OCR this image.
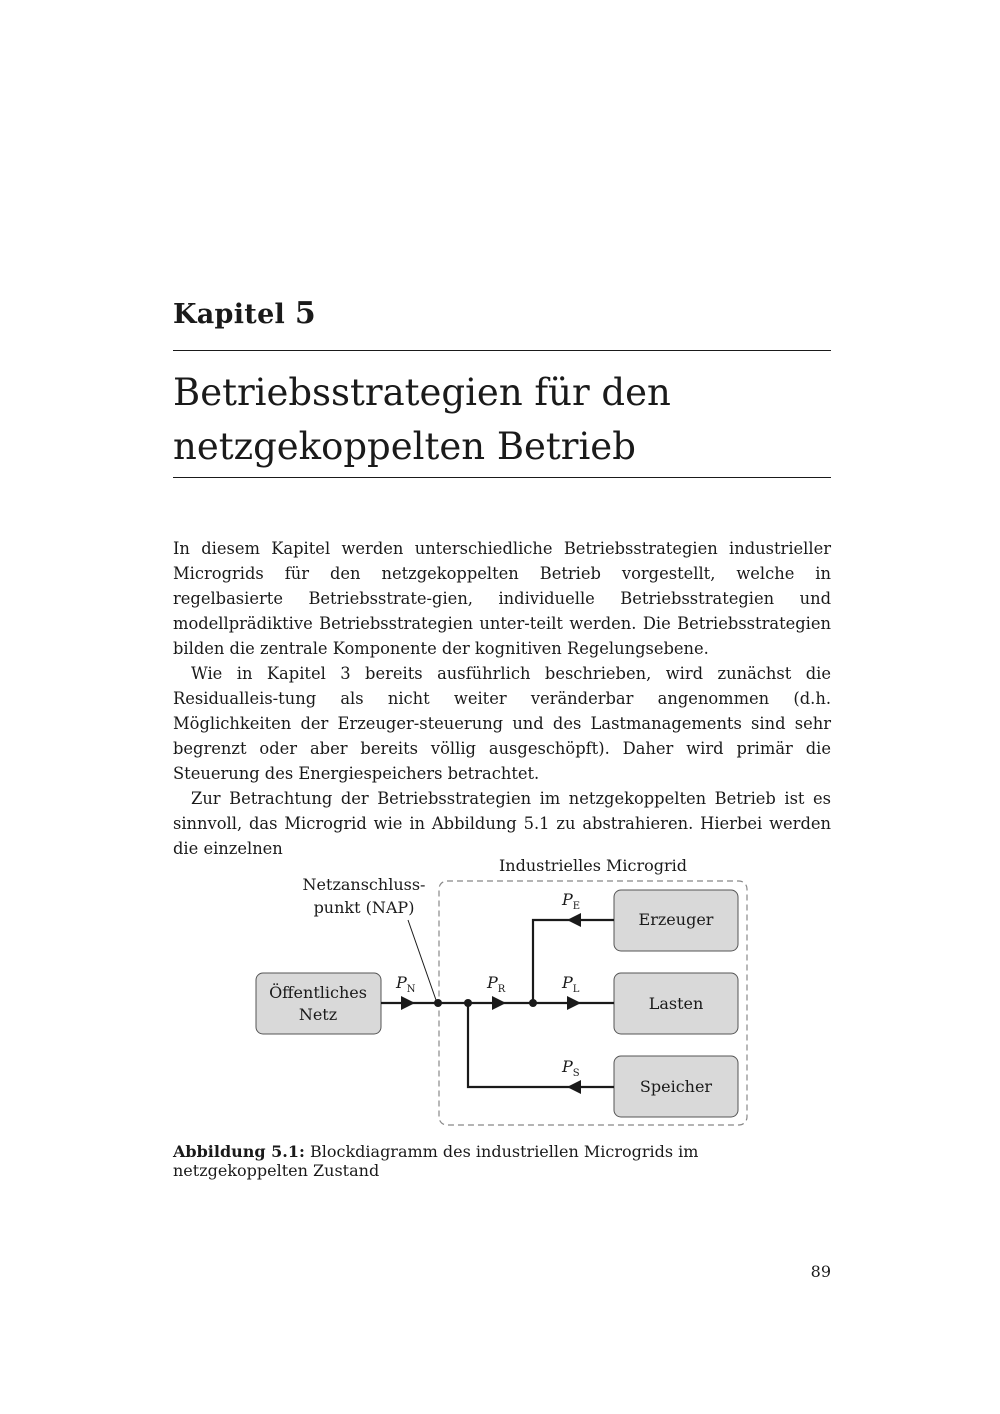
Kapitel 5
Betriebsstrategien für den
netzgekoppelten Betrieb

In diesem Kapitel werden unterschiedliche Betriebsstrategien industrieller Microgrids für den netzgekoppelten Betrieb vorgestellt, welche in regelbasierte Betriebsstrate-gien, individuelle Betriebsstrategien und modellprädiktive Betriebsstrategien unter-teilt werden. Die Betriebsstrategien bilden die zentrale Komponente der kognitiven Regelungsebene.

Wie in Kapitel 3 bereits ausführlich beschrieben, wird zunächst die Residualleis-tung als nicht weiter veränderbar angenommen (d.h. Möglichkeiten der Erzeuger-steuerung und des Lastmanagements sind sehr begrenzt oder aber bereits völlig ausgeschöpft). Daher wird primär die Steuerung des Energiespeichers betrachtet.

Zur Betrachtung der Betriebsstrategien im netzgekoppelten Betrieb ist es sinnvoll, das Microgrid wie in Abbildung 5.1 zu abstrahieren. Hierbei werden die einzelnen

Industrielles Microgrid
Netzanschluss-
punkt (NAP)
Öffentliches
Netz
Erzeuger
Lasten
Speicher
$P_N$	$P_R$	$P_L$
$P_E$
$P_S$
Abbildung 5.1: Blockdiagramm des industriellen Microgrids im netzgekoppelten Zustand
89
